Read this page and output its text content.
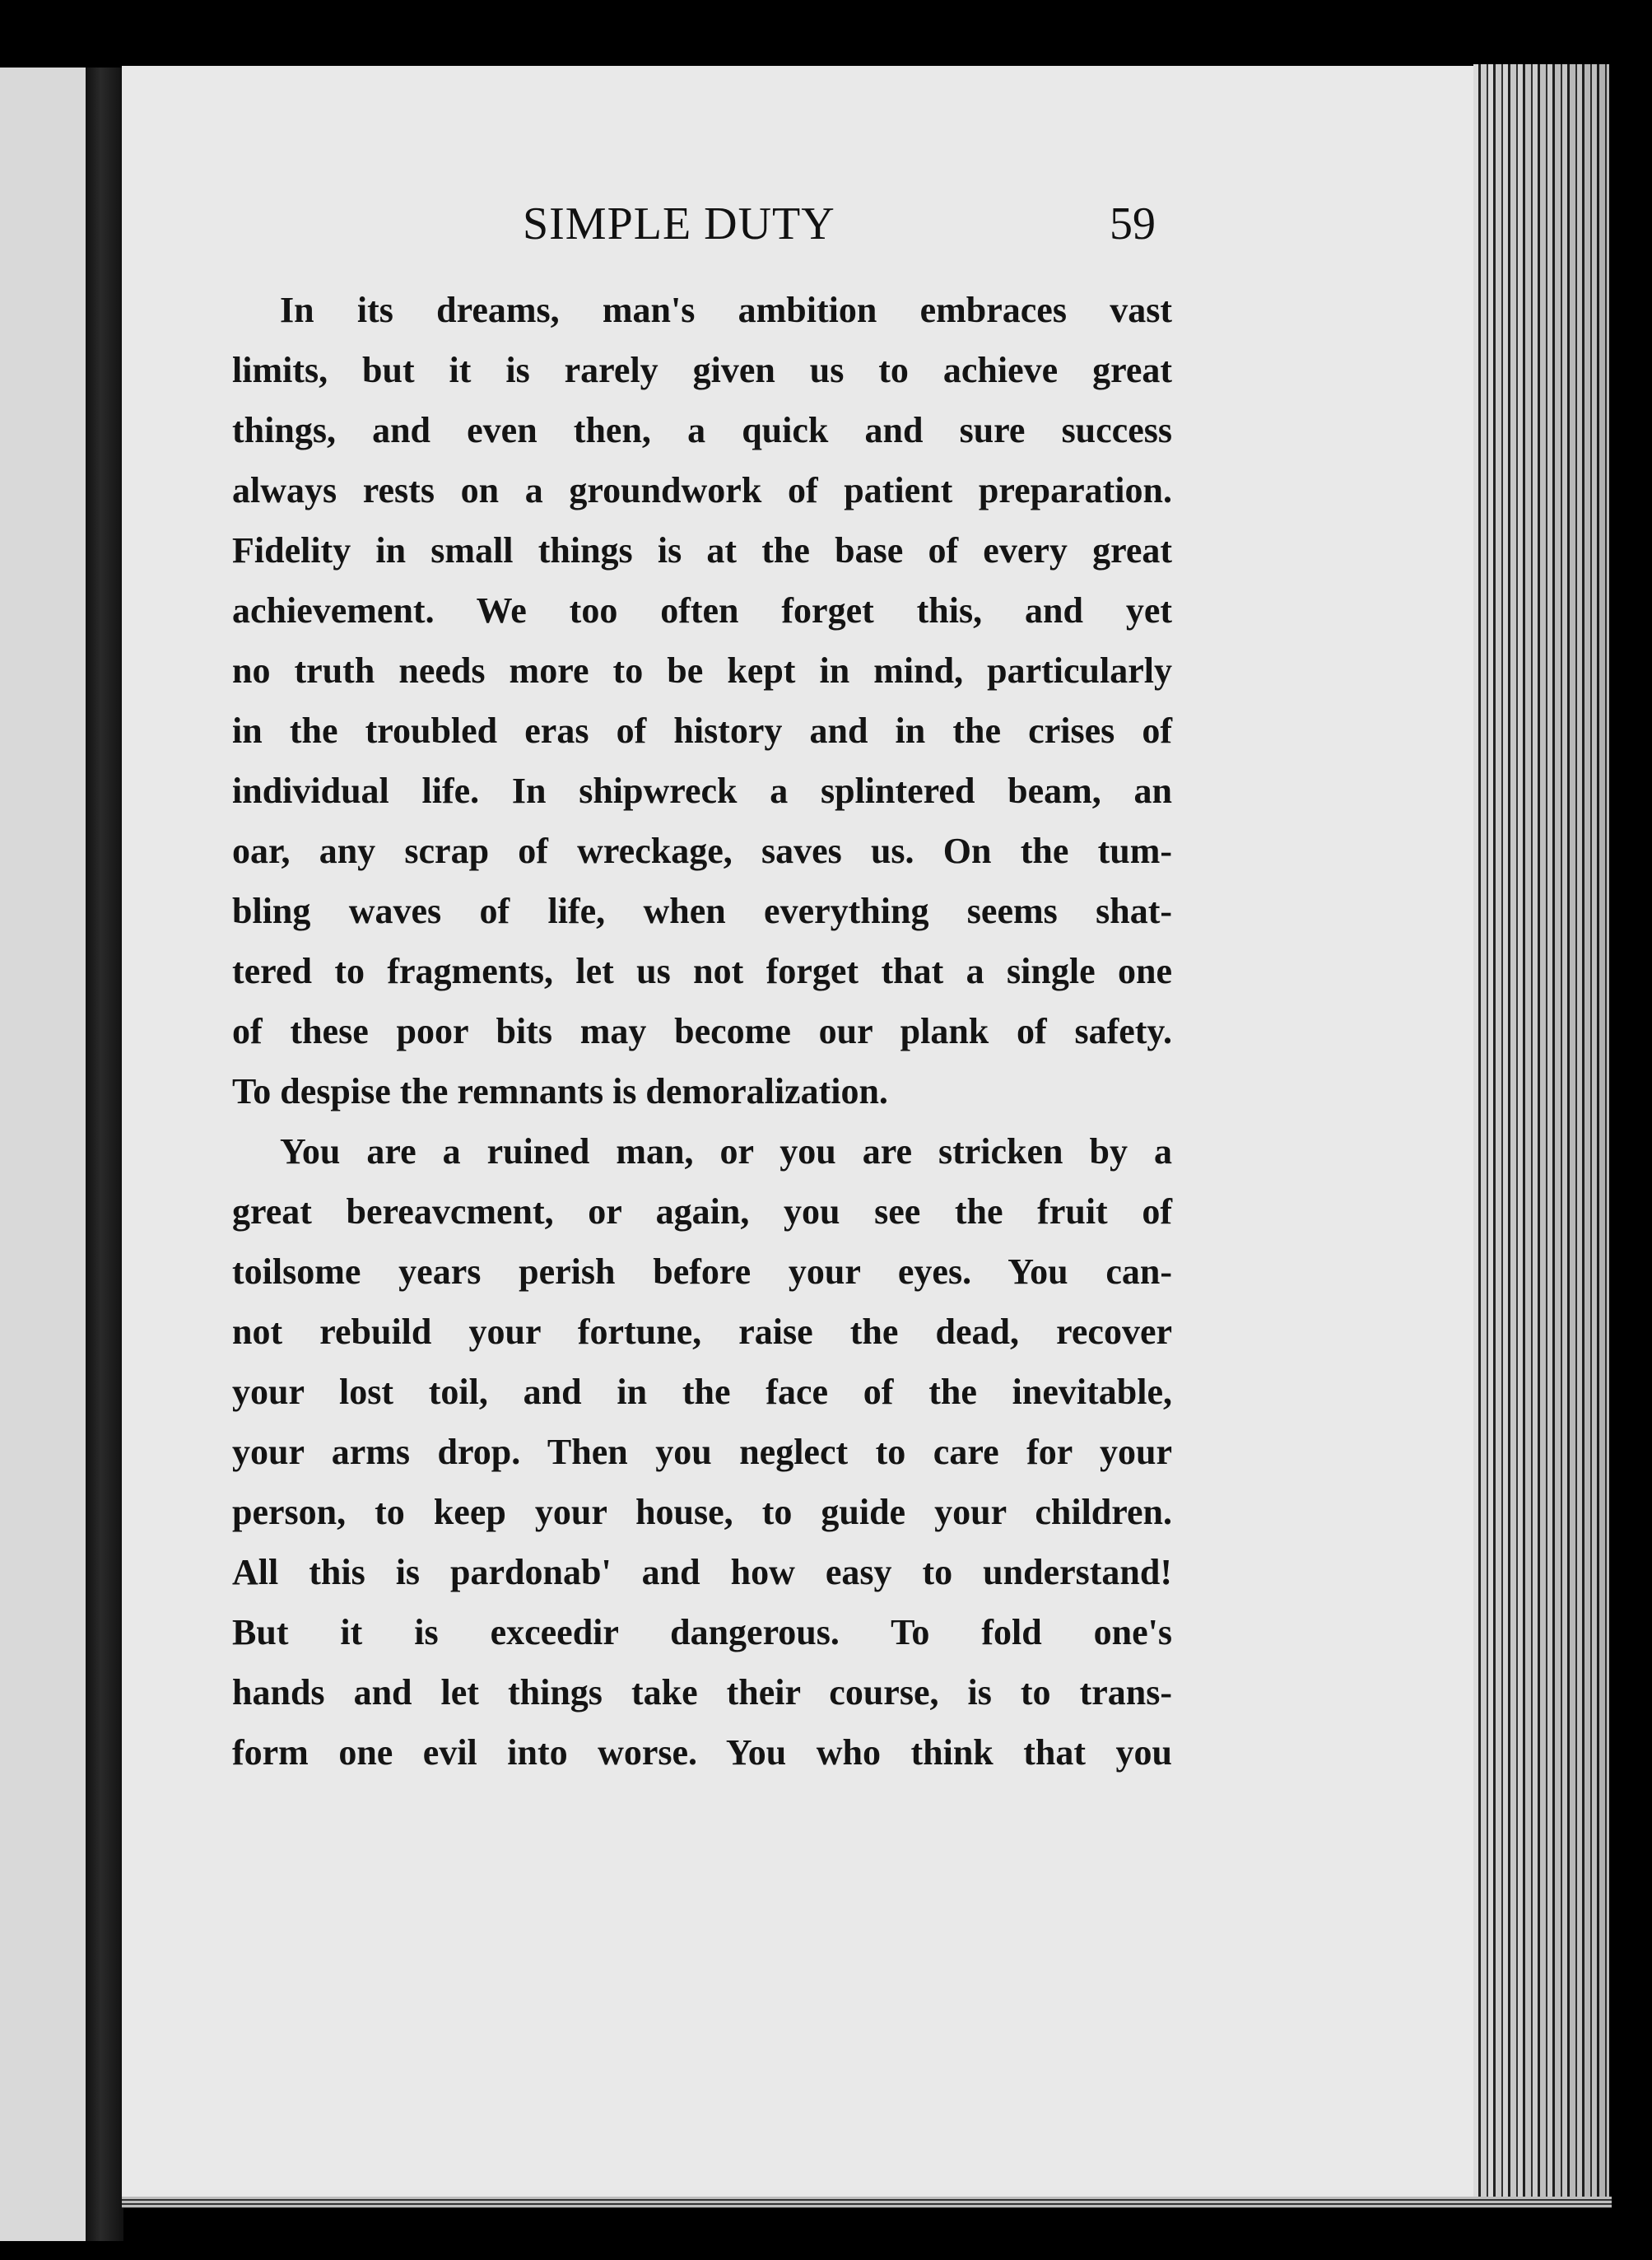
SIMPLE DUTY	59
In its dreams, man's ambition embraces vast
limits, but it is rarely given us to achieve great
things, and even then, a quick and sure success
always rests on a groundwork of patient preparation.
Fidelity in small things is at the base of every great
achievement. We too often forget this, and yet
no truth needs more to be kept in mind, particularly
in the troubled eras of history and in the crises of
individual life. In shipwreck a splintered beam, an
oar, any scrap of wreckage, saves us. On the tum-
bling waves of life, when everything seems shat-
tered to fragments, let us not forget that a single one
of these poor bits may become our plank of safety.
To despise the remnants is demoralization.
You are a ruined man, or you are stricken by a
great bereavcment, or again, you see the fruit of
toilsome years perish before your eyes. You can-
not rebuild your fortune, raise the dead, recover
your lost toil, and in the face of the inevitable,
your arms drop. Then you neglect to care for your
person, to keep your house, to guide your children.
All this is pardonab' and how easy to understand!
But it is exceedir dangerous. To fold one's
hands and let things take their course, is to trans-
form one evil into worse. You who think that you
